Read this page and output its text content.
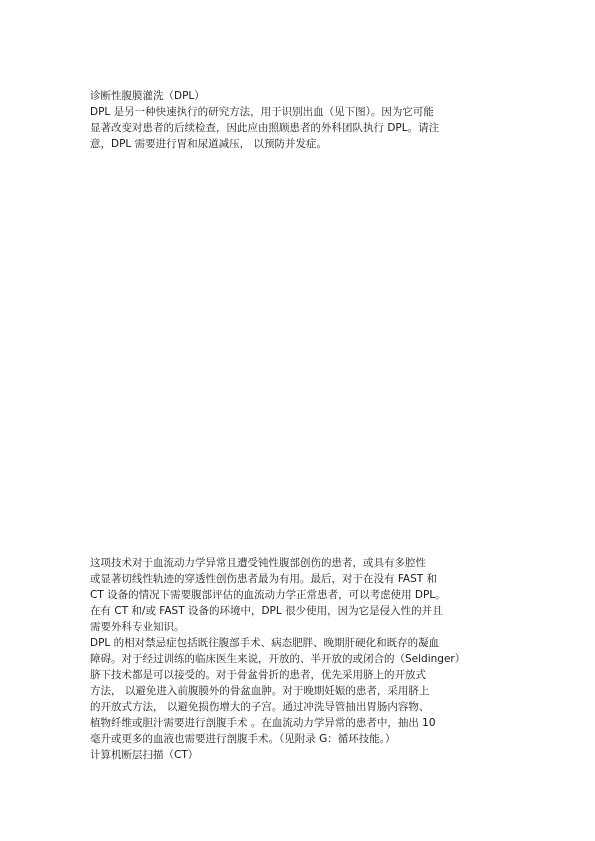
诊断性腹膜灌洗（DPL）
DPL 是另一种快速执行的研究方法，用于识别出血（见下图）。因为它可能
显著改变对患者的后续检查，因此应由照顾患者的外科团队执行 DPL。请注
意，DPL 需要进行胃和尿道减压， 以预防并发症。
这项技术对于血流动力学异常且遭受钝性腹部创伤的患者，或具有多腔性
或显著切线性轨迹的穿透性创伤患者最为有用。最后，对于在没有 FAST 和
CT 设备的情况下需要腹部评估的血流动力学正常患者，可以考虑使用 DPL。
在有 CT 和/或 FAST 设备的环境中，DPL 很少使用，因为它是侵入性的并且
需要外科专业知识。
DPL 的相对禁忌症包括既往腹部手术、病态肥胖、晚期肝硬化和既存的凝血
障碍。对于经过训练的临床医生来说，开放的、半开放的或闭合的（Seldinger）
脐下技术都是可以接受的。对于骨盆骨折的患者，优先采用脐上的开放式
方法， 以避免进入前腹膜外的骨盆血肿。对于晚期妊娠的患者，采用脐上
的开放式方法， 以避免损伤增大的子宫。通过冲洗导管抽出胃肠内容物、
植物纤维或胆汁需要进行剖腹手术 。在血流动力学异常的患者中，抽出 10
毫升或更多的血液也需要进行剖腹手术。（见附录 G：循环技能。）
计算机断层扫描（CT）
